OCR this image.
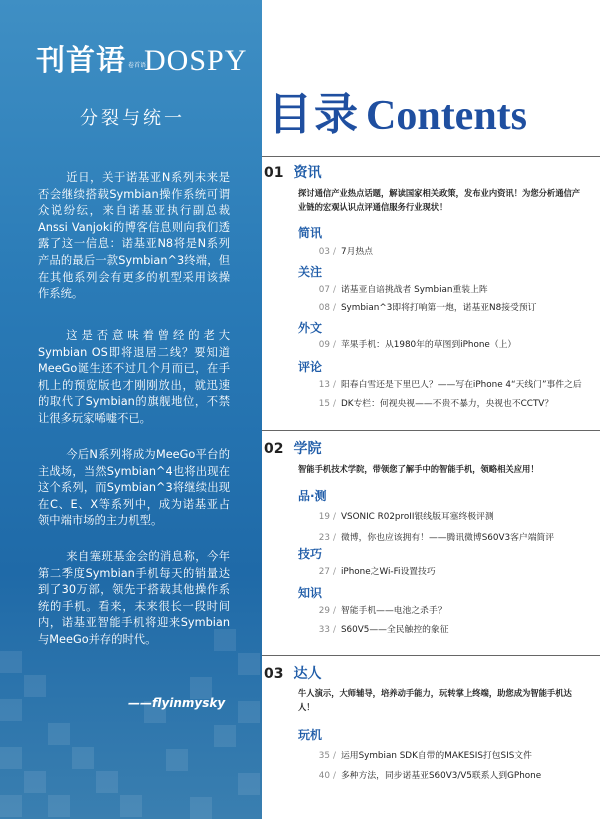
刊首语 卷首语DOSPY
分裂与统一
近日，关于诺基亚N系列未来是否会继续搭载Symbian操作系统可谓众说纷纭，来自诺基亚执行副总裁Anssi Vanjoki的博客信息则向我们透露了这一信息：诺基亚N8将是N系列产品的最后一款Symbian^3终端，但在其他系列会有更多的机型采用该操作系统。
这是否意味着曾经的老大Symbian OS即将退居二线？要知道MeeGo诞生还不过几个月而已，在手机上的预览版也才刚刚放出，就迅速的取代了Symbian的旗舰地位，不禁让很多玩家唏嘘不已。
今后N系列将成为MeeGo平台的主战场，当然Symbian^4也将出现在这个系列，而Symbian^3将继续出现在C、E、X等系列中，成为诺基亚占领中端市场的主力机型。
来自塞班基金会的消息称，今年第二季度Symbian手机每天的销量达到了30万部，领先于搭载其他操作系统的手机。看来，未来很长一段时间内，诺基亚智能手机将迎来Symbian与MeeGo并存的时代。
——flyinmysky
目录 Contents
01 资讯
探讨通信产业热点话题，解读国家相关政策，发布业内资讯！为您分析通信产业链的宏观认识点评通信服务行业现状！
简讯
03 / 7月热点
关注
07 / 诺基亚自谙挑战者 Symbian重装上阵
08 / Symbian^3即将打响第一炮，诺基亚N8接受预订
外文
09 / 苹果手机：从1980年的草图到iPhone（上）
评论
13 / 阳春白雪还是下里巴人？——写在iPhone 4“天线门”事件之后
15 / DK专栏：何视央视——不贵不暴力，央视也不CCTV？
02 学院
智能手机技术学院，带领您了解手中的智能手机，领略相关应用！
品·测
19 / VSONIC R02proII银线版耳塞终极评测
23 / 微博，你也应该拥有！——腾讯微博S60V3客户端简评
技巧
27 / iPhone之Wi-Fi设置技巧
知识
29 / 智能手机——电池之杀手？
33 / S60V5——全民触控的象征
03 达人
牛人演示，大师辅导，培养动手能力，玩转掌上终端，助您成为智能手机达人！
玩机
35 / 运用Symbian SDK自带的MAKESIS打包SIS文件
40 / 多种方法，同步诺基亚S60V3/V5联系人到GPhone
